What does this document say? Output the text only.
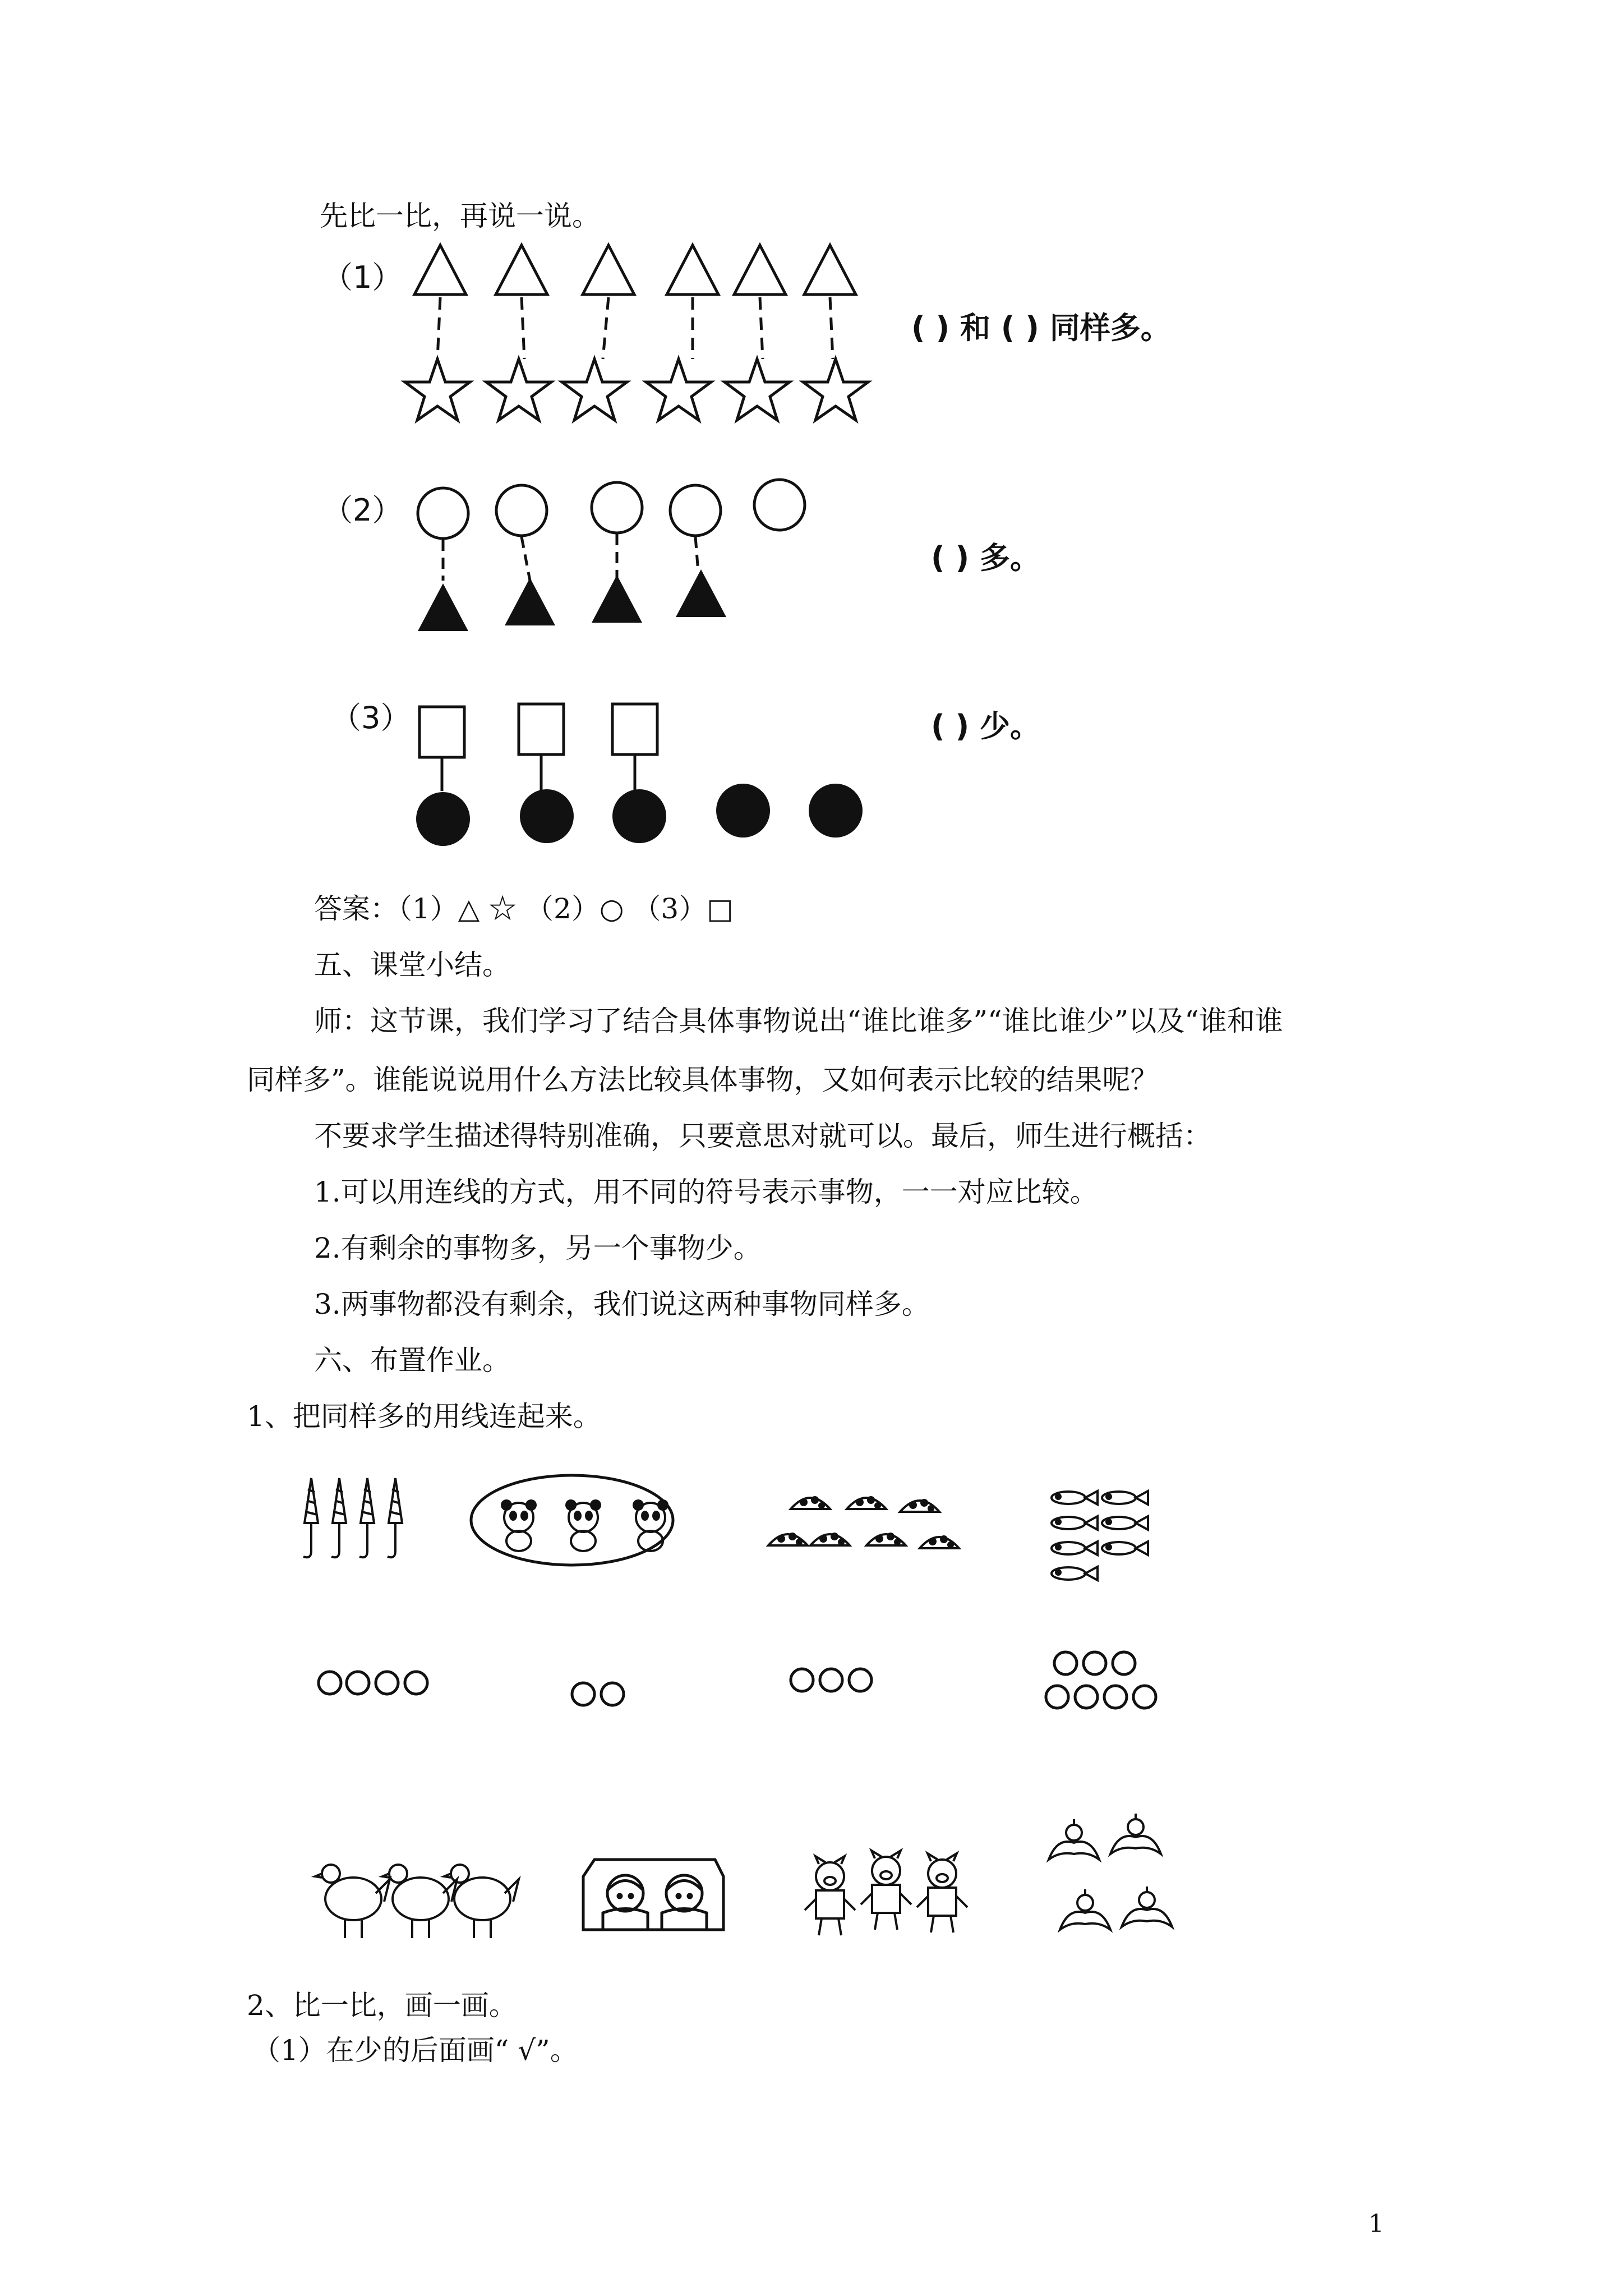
先比一比，再说一说。
（1）
（2）
（3）
( ) 和 ( ) 同样多。
( ) 多。
( ) 少。
答案：（1）△ ☆ （2）○ （3）□
五、课堂小结。
师：这节课，我们学习了结合具体事物说出“谁比谁多”“谁比谁少”以及“谁和谁
同样多”。谁能说说用什么方法比较具体事物，又如何表示比较的结果呢？
不要求学生描述得特别准确，只要意思对就可以。最后，师生进行概括：
1.可以用连线的方式，用不同的符号表示事物，一一对应比较。
2.有剩余的事物多，另一个事物少。
3.两事物都没有剩余，我们说这两种事物同样多。
六、布置作业。
1、把同样多的用线连起来。
2、比一比，画一画。
（1）在少的后面画“ √”。
1
